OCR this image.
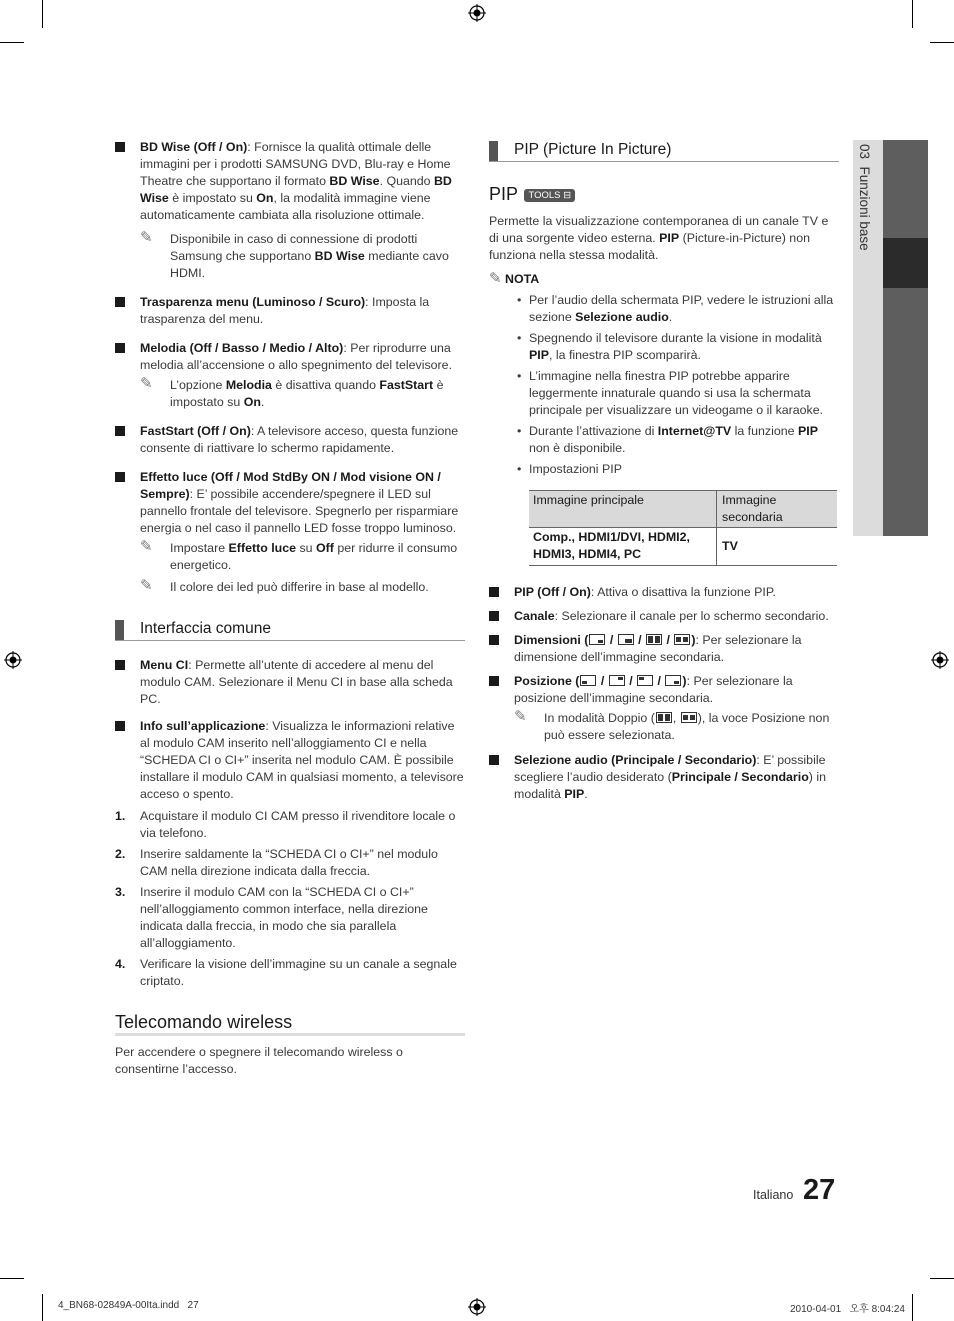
03  Funzioni base
BD Wise (Off / On): Fornisce la qualità ottimale delle immagini per i prodotti SAMSUNG DVD, Blu-ray e Home Theatre che supportano il formato BD Wise. Quando BD Wise è impostato su On, la modalità immagine viene automaticamente cambiata alla risoluzione ottimale.
✎ Disponibile in caso di connessione di prodotti Samsung che supportano BD Wise mediante cavo HDMI.
Trasparenza menu (Luminoso / Scuro): Imposta la trasparenza del menu.
Melodia (Off / Basso / Medio / Alto): Per riprodurre una melodia all’accensione o allo spegnimento del televisore.
✎ L’opzione Melodia è disattiva quando FastStart è impostato su On.
FastStart (Off / On): A televisore acceso, questa funzione consente di riattivare lo schermo rapidamente.
Effetto luce (Off / Mod StdBy ON / Mod visione ON / Sempre): E’ possibile accendere/spegnere il LED sul pannello frontale del televisore. Spegnerlo per risparmiare energia o nel caso il pannello LED fosse troppo luminoso.
✎ Impostare Effetto luce su Off per ridurre il consumo energetico.
✎ Il colore dei led può differire in base al modello.
Interfaccia comune
Menu CI: Permette all’utente di accedere al menu del modulo CAM. Selezionare il Menu CI in base alla scheda PC.
Info sull’applicazione: Visualizza le informazioni relative al modulo CAM inserito nell’alloggiamento CI e nella “SCHEDA CI o CI+” inserita nel modulo CAM. È possibile installare il modulo CAM in qualsiasi momento, a televisore acceso o spento.
1. Acquistare il modulo CI CAM presso il rivenditore locale o via telefono.
2. Inserire saldamente la “SCHEDA CI o CI+” nel modulo CAM nella direzione indicata dalla freccia.
3. Inserire il modulo CAM con la “SCHEDA CI o CI+” nell’alloggiamento common interface, nella direzione indicata dalla freccia, in modo che sia parallela all’alloggiamento.
4. Verificare la visione dell’immagine su un canale a segnale criptato.
Telecomando wireless
Per accendere o spegnere il telecomando wireless o consentirne l’accesso.
PIP (Picture In Picture)
PIP TOOLS ⊟
Permette la visualizzazione contemporanea di un canale TV e di una sorgente video esterna. PIP (Picture-in-Picture) non funziona nella stessa modalità.
✎ NOTA
• Per l’audio della schermata PIP, vedere le istruzioni alla sezione Selezione audio.
• Spegnendo il televisore durante la visione in modalità PIP, la finestra PIP scomparirà.
• L’immagine nella finestra PIP potrebbe apparire leggermente innaturale quando si usa la schermata principale per visualizzare un videogame o il karaoke.
• Durante l’attivazione di Internet@TV la funzione PIP non è disponibile.
• Impostazioni PIP
Immagine principale	Immagine secondaria
Comp., HDMI1/DVI, HDMI2, HDMI3, HDMI4, PC	TV
PIP (Off / On): Attiva o disattiva la funzione PIP.
Canale: Selezionare il canale per lo schermo secondario.
Dimensioni (
/
/
/
): Per selezionare la dimensione dell’immagine secondaria.
Posizione (
/
/
/
): Per selezionare la posizione dell’immagine secondaria.
✎ In modalità Doppio ( ,
), la voce Posizione non può essere selezionata.
Selezione audio (Principale / Secondario): E’ possibile scegliere l’audio desiderato (Principale / Secondario) in modalità PIP.
Italiano 27
4_BN68-02849A-00Ita.indd   27	2010-04-01   오후 8:04:24
